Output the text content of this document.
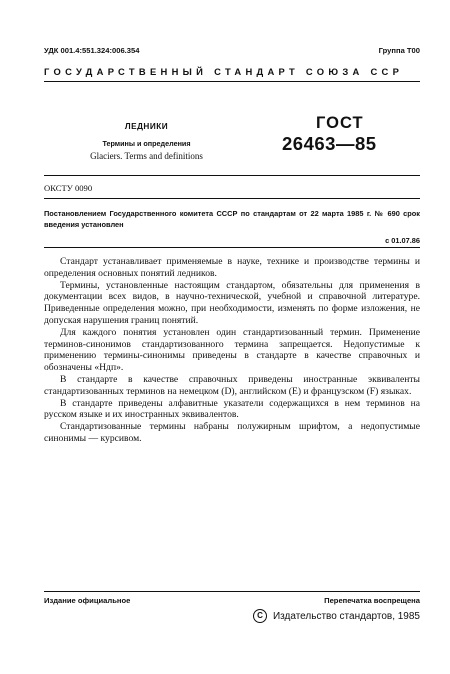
УДК 001.4:551.324:006.354	Группа Т00
ГОСУДАРСТВЕННЫЙ СТАНДАРТ СОЮЗА ССР
ЛЕДНИКИ
Термины и определения
Glaciers. Terms and definitions
ГОСТ
26463—85
ОКСТУ 0090
Постановлением Государственного комитета СССР по стандартам от 22 марта 1985 г. № 690 срок введения установлен
с 01.07.86

Стандарт устанавливает применяемые в науке, технике и производстве термины и определения основных понятий ледников.

Термины, установленные настоящим стандартом, обязательны для применения в документации всех видов, в научно-технической, учебной и справочной литературе. Приведенные определения можно, при необходимости, изменять по форме изложения, не допуская нарушения границ понятий.

Для каждого понятия установлен один стандартизованный термин. Применение терминов-синонимов стандартизованного термина запрещается. Недопустимые к применению термины-синонимы приведены в стандарте в качестве справочных и обозначены «Ндп».

В стандарте в качестве справочных приведены иностранные эквиваленты стандартизованных терминов на немецком (D), английском (E) и французском (F) языках.

В стандарте приведены алфавитные указатели содержащихся в нем терминов на русском языке и их иностранных эквивалентов.

Стандартизованные термины набраны полужирным шрифтом, а недопустимые синонимы — курсивом.

Издание официальное	Перепечатка воспрещена
C	Издательство стандартов, 1985
